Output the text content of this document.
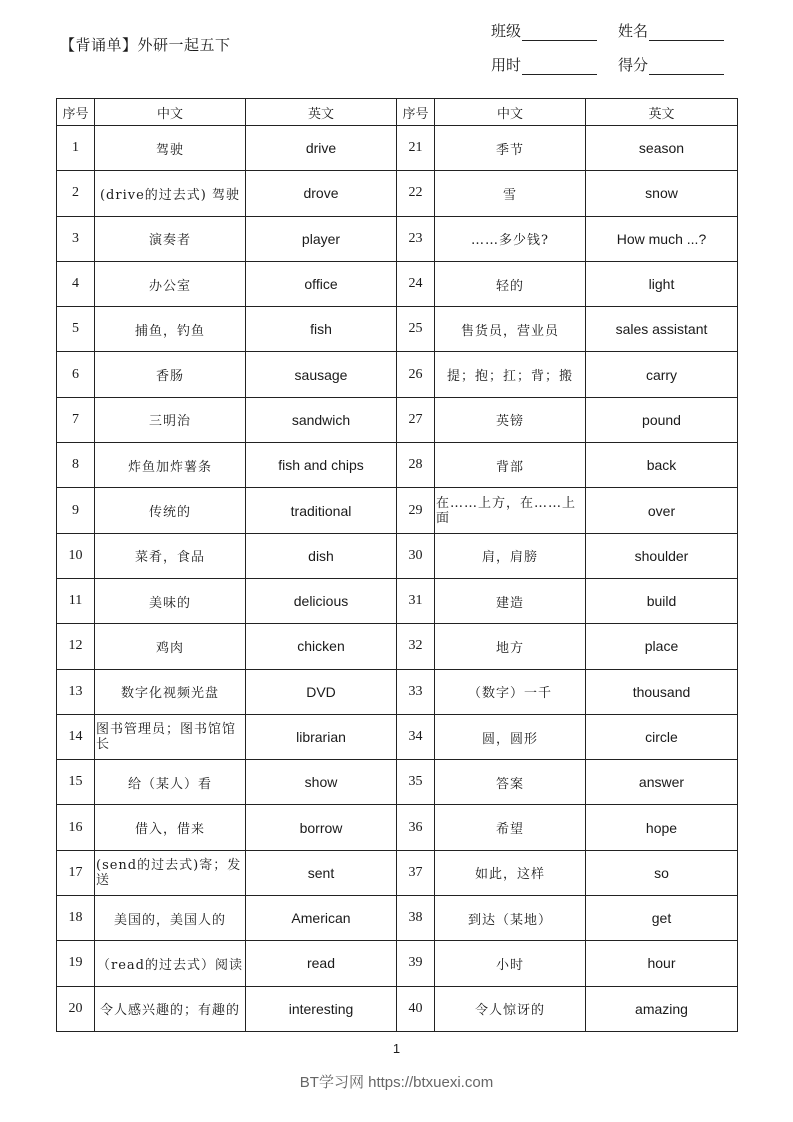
【背诵单】外研一起五下
班级	姓名
用时	得分
序号	中文	英文	序号	中文	英文
1	驾驶	drive	21	季节	season
2	(drive的过去式) 驾驶	drove	22	雪	snow
3	演奏者	player	23	……多少钱?	How much ...?
4	办公室	office	24	轻的	light
5	捕鱼，钓鱼	fish	25	售货员，营业员	sales assistant
6	香肠	sausage	26	提；抱；扛；背；搬	carry
7	三明治	sandwich	27	英镑	pound
8	炸鱼加炸薯条	fish and chips	28	背部	back
9	传统的	traditional	29	在……上方，在……上面	over
10	菜肴，食品	dish	30	肩，肩膀	shoulder
11	美味的	delicious	31	建造	build
12	鸡肉	chicken	32	地方	place
13	数字化视频光盘	DVD	33	（数字）一千	thousand
14	图书管理员；图书馆馆长	librarian	34	圆，圆形	circle
15	给（某人）看	show	35	答案	answer
16	借入，借来	borrow	36	希望	hope
17	(send的过去式)寄；发送	sent	37	如此，这样	so
18	美国的，美国人的	American	38	到达（某地）	get
19	（read的过去式）阅读	read	39	小时	hour
20	令人感兴趣的；有趣的	interesting	40	令人惊讶的	amazing
1
BT学习网 https://btxuexi.com
